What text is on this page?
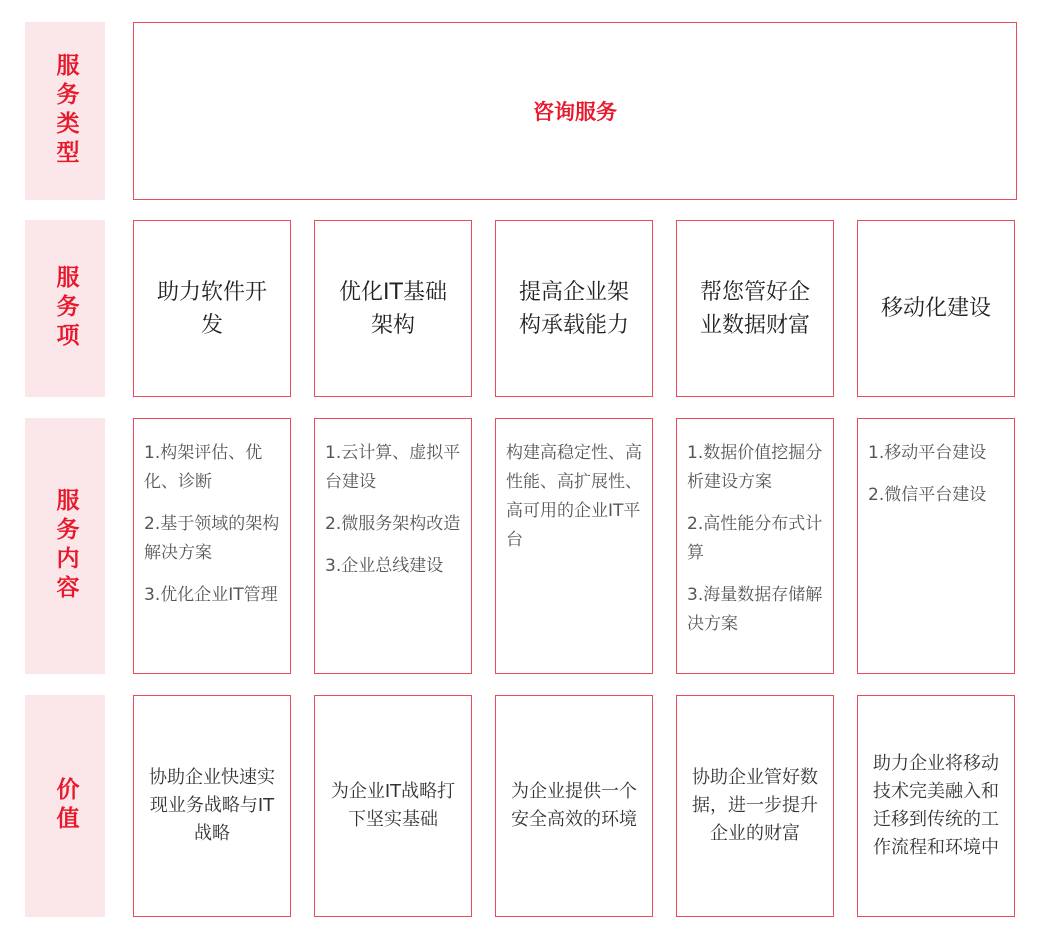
服务类型
服务项
服务内容
价值
咨询服务
助力软件开发
优化IT基础架构
提高企业架构承载能力
帮您管好企业数据财富
移动化建设
1.构架评估、优化、诊断
2.基于领域的架构解决方案
3.优化企业IT管理
1.云计算、虚拟平台建设
2.微服务架构改造
3.企业总线建设
构建高稳定性、高性能、高扩展性、高可用的企业IT平台
1.数据价值挖掘分析建设方案
2.高性能分布式计算
3.海量数据存储解决方案
1.移动平台建设
2.微信平台建设
协助企业快速实现业务战略与IT战略
为企业IT战略打下坚实基础
为企业提供一个安全高效的环境
协助企业管好数据，进一步提升企业的财富
助力企业将移动技术完美融入和迁移到传统的工作流程和环境中
